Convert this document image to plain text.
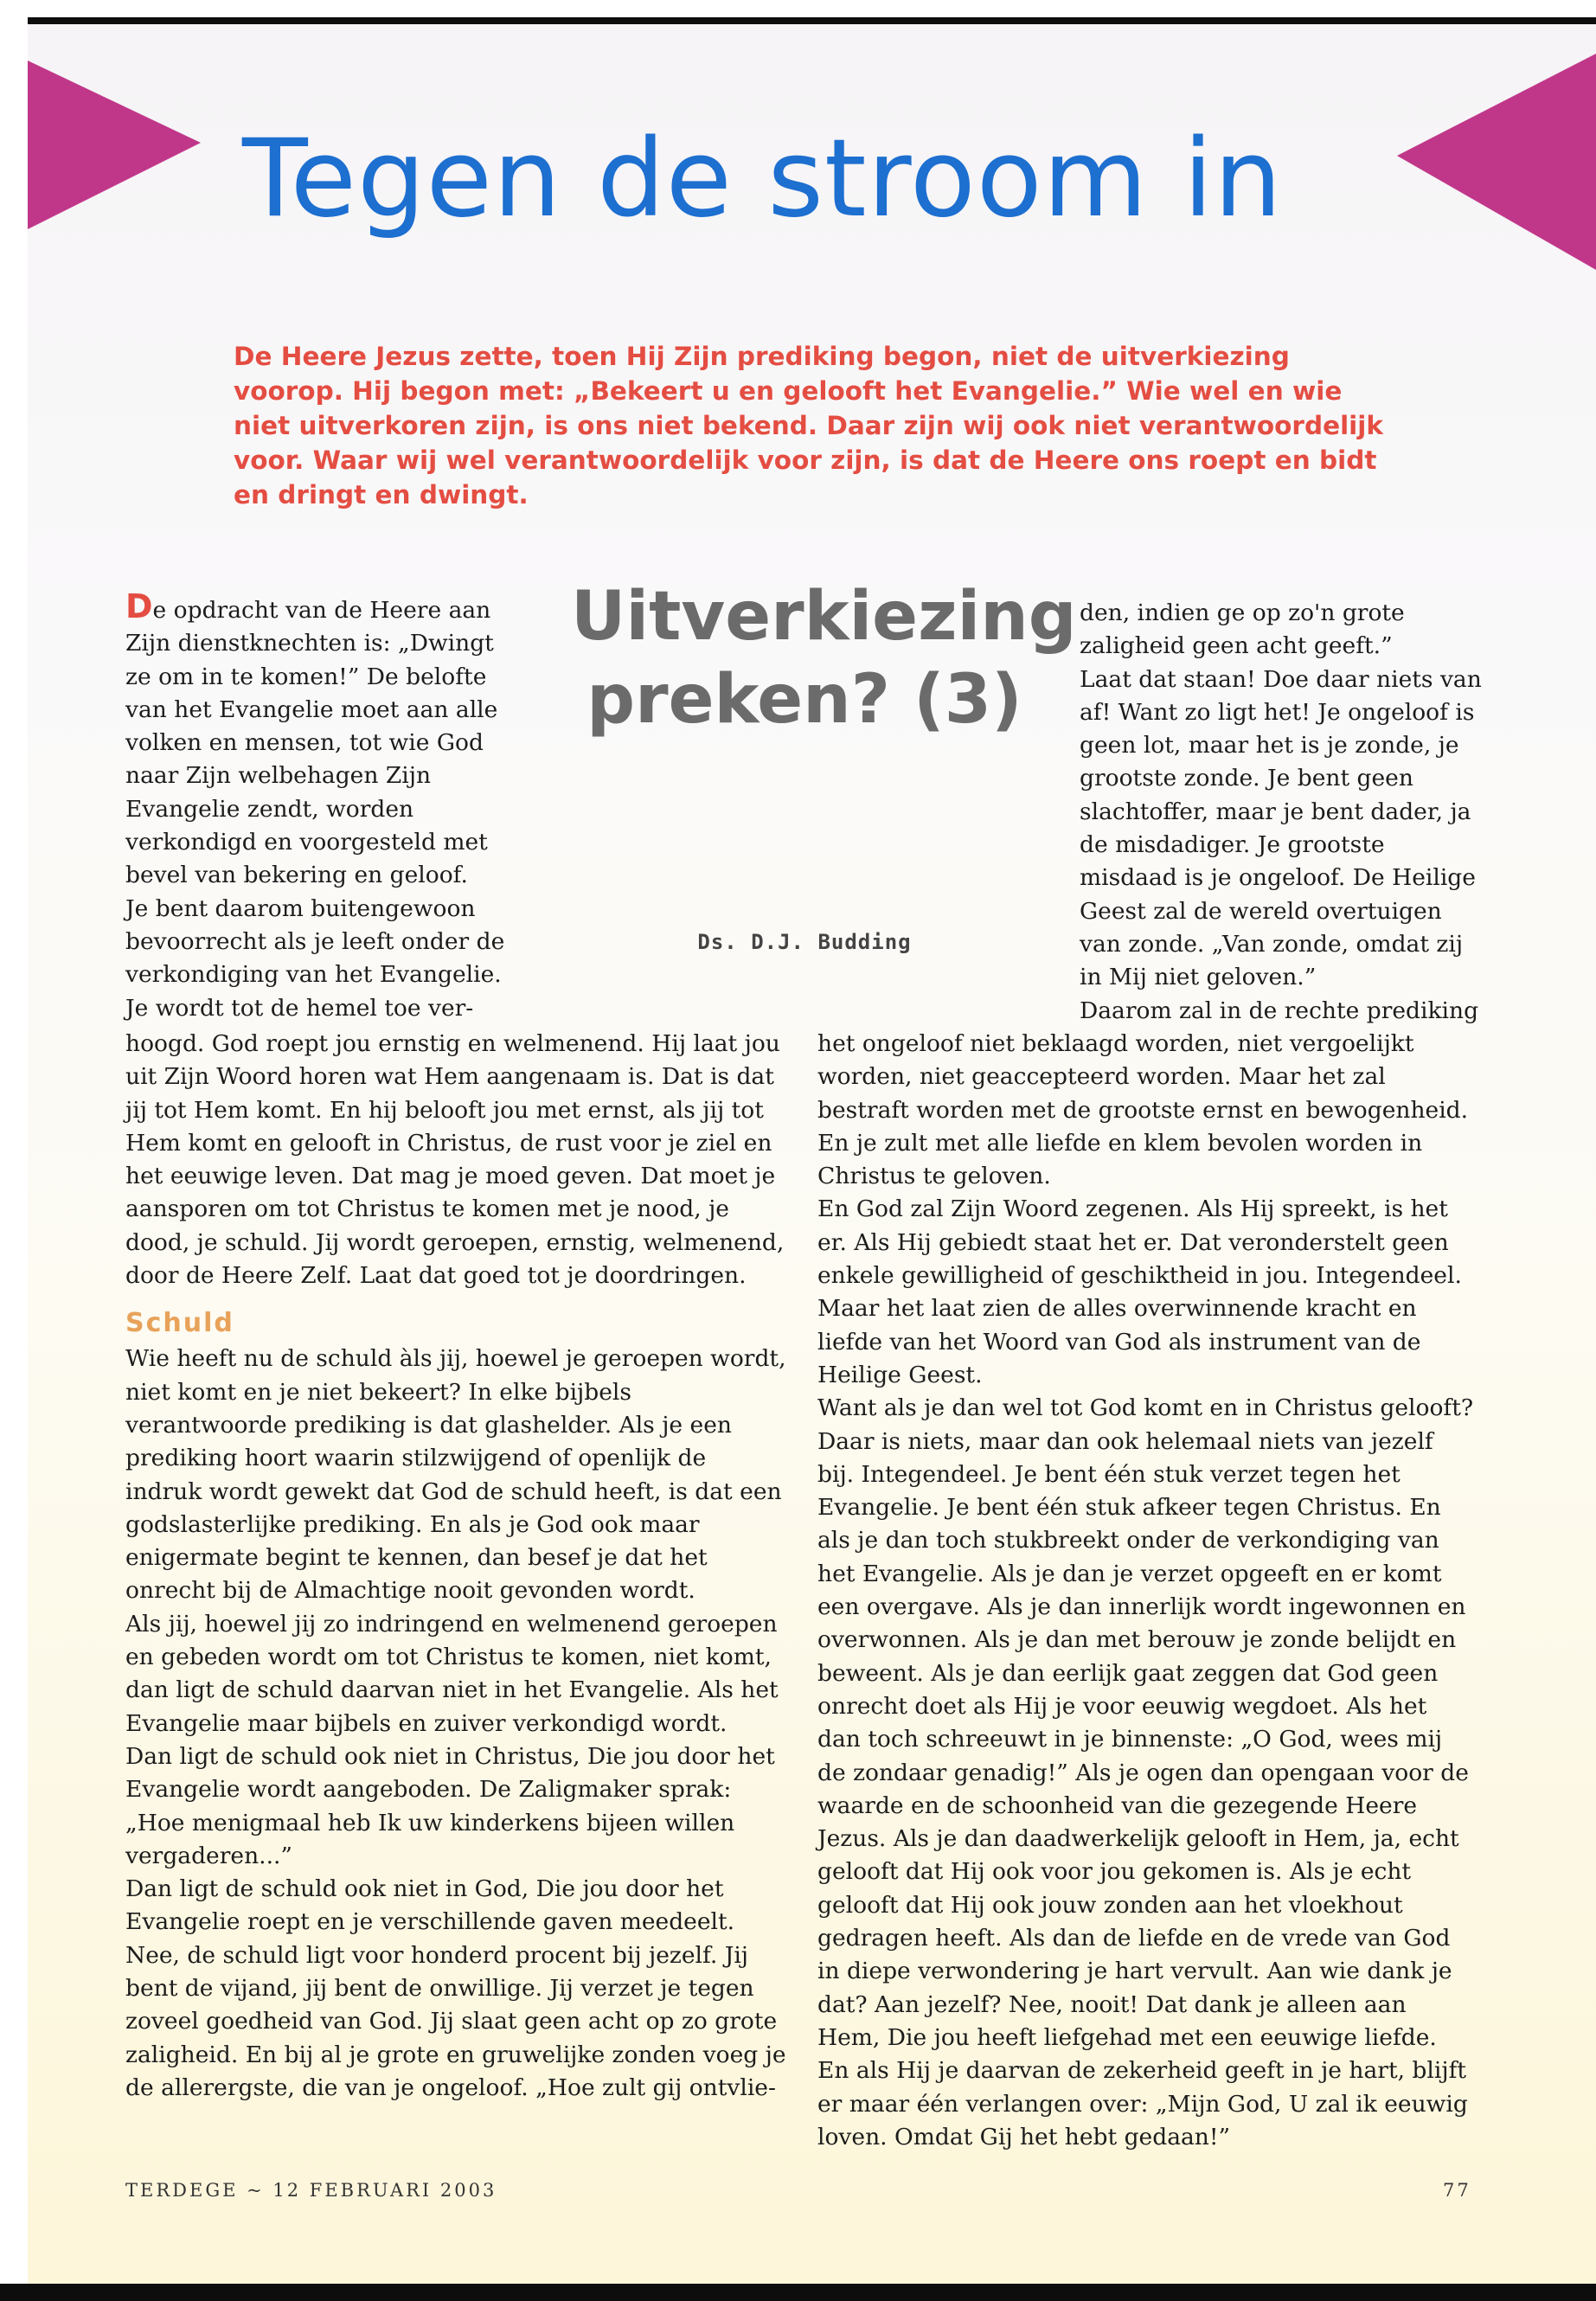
Tegen de stroom in

De Heere Jezus zette, toen Hij Zijn prediking begon, niet de uitverkiezing voorop. Hij begon met: „Bekeert u en gelooft het Evangelie.” Wie wel en wie niet uitverkoren zijn, is ons niet bekend. Daar zijn wij ook niet verantwoordelijk voor. Waar wij wel verantwoordelijk voor zijn, is dat de Heere ons roept en bidt en dringt en dwingt.

De opdracht van de Heere aan Zijn dienstknechten is: „Dwingt ze om in te komen!” De belofte van het Evangelie moet aan alle volken en mensen, tot wie God naar Zijn welbehagen Zijn Evangelie zendt, worden verkondigd en voorgesteld met bevel van bekering en geloof.

Je bent daarom buitengewoon bevoorrecht als je leeft onder de verkondiging van het Evangelie. Je wordt tot de hemel toe ver-

Uitverkiezing
preken? (3)
Ds. D.J. Budding

den, indien ge op zo'n grote zaligheid geen acht geeft.”

Laat dat staan! Doe daar niets van af! Want zo ligt het! Je ongeloof is geen lot, maar het is je zonde, je grootste zonde. Je bent geen slachtoffer, maar je bent dader, ja de misdadiger. Je grootste misdaad is je ongeloof. De Heilige Geest zal de wereld overtuigen van zonde. „Van zonde, omdat zij in Mij niet geloven.”

Daarom zal in de rechte prediking

hoogd. God roept jou ernstig en welmenend. Hij laat jou uit Zijn Woord horen wat Hem aangenaam is. Dat is dat jij tot Hem komt. En hij belooft jou met ernst, als jij tot Hem komt en gelooft in Christus, de rust voor je ziel en het eeuwige leven. Dat mag je moed geven. Dat moet je aansporen om tot Christus te komen met je nood, je dood, je schuld. Jij wordt geroepen, ernstig, welmenend, door de Heere Zelf. Laat dat goed tot je doordringen.

Schuld

Wie heeft nu de schuld àls jij, hoewel je geroepen wordt, niet komt en je niet bekeert? In elke bijbels verantwoorde prediking is dat glashelder. Als je een prediking hoort waarin stilzwijgend of openlijk de indruk wordt gewekt dat God de schuld heeft, is dat een godslasterlijke prediking. En als je God ook maar enigermate begint te kennen, dan besef je dat het onrecht bij de Almachtige nooit gevonden wordt.

Als jij, hoewel jij zo indringend en welmenend geroepen en gebeden wordt om tot Christus te komen, niet komt, dan ligt de schuld daarvan niet in het Evangelie. Als het Evangelie maar bijbels en zuiver verkondigd wordt.

Dan ligt de schuld ook niet in Christus, Die jou door het Evangelie wordt aangeboden. De Zaligmaker sprak: „Hoe menigmaal heb Ik uw kinderkens bijeen willen vergaderen...”

Dan ligt de schuld ook niet in God, Die jou door het Evangelie roept en je verschillende gaven meedeelt.

Nee, de schuld ligt voor honderd procent bij jezelf. Jij bent de vijand, jij bent de onwillige. Jij verzet je tegen zoveel goedheid van God. Jij slaat geen acht op zo grote zaligheid. En bij al je grote en gruwelijke zonden voeg je de allerergste, die van je ongeloof. „Hoe zult gij ontvlie-

het ongeloof niet beklaagd worden, niet vergoelijkt worden, niet geaccepteerd worden. Maar het zal bestraft worden met de grootste ernst en bewogenheid. En je zult met alle liefde en klem bevolen worden in Christus te geloven.

En God zal Zijn Woord zegenen. Als Hij spreekt, is het er. Als Hij gebiedt staat het er. Dat veronderstelt geen enkele gewilligheid of geschiktheid in jou. Integendeel. Maar het laat zien de alles overwinnende kracht en liefde van het Woord van God als instrument van de Heilige Geest.

Want als je dan wel tot God komt en in Christus gelooft? Daar is niets, maar dan ook helemaal niets van jezelf bij. Integendeel. Je bent één stuk verzet tegen het Evangelie. Je bent één stuk afkeer tegen Christus. En als je dan toch stukbreekt onder de verkondiging van het Evangelie. Als je dan je verzet opgeeft en er komt een overgave. Als je dan innerlijk wordt ingewonnen en overwonnen. Als je dan met berouw je zonde belijdt en beweent. Als je dan eerlijk gaat zeggen dat God geen onrecht doet als Hij je voor eeuwig wegdoet. Als het dan toch schreeuwt in je binnenste: „O God, wees mij de zondaar genadig!” Als je ogen dan opengaan voor de waarde en de schoonheid van die gezegende Heere Jezus. Als je dan daadwerkelijk gelooft in Hem, ja, echt gelooft dat Hij ook voor jou gekomen is. Als je echt gelooft dat Hij ook jouw zonden aan het vloekhout gedragen heeft. Als dan de liefde en de vrede van God in diepe verwondering je hart vervult. Aan wie dank je dat? Aan jezelf? Nee, nooit! Dat dank je alleen aan Hem, Die jou heeft liefgehad met een eeuwige liefde. En als Hij je daarvan de zekerheid geeft in je hart, blijft er maar één verlangen over: „Mijn God, U zal ik eeuwig loven. Omdat Gij het hebt gedaan!”

TERDEGE ~ 12 FEBRUARI 2003	77
